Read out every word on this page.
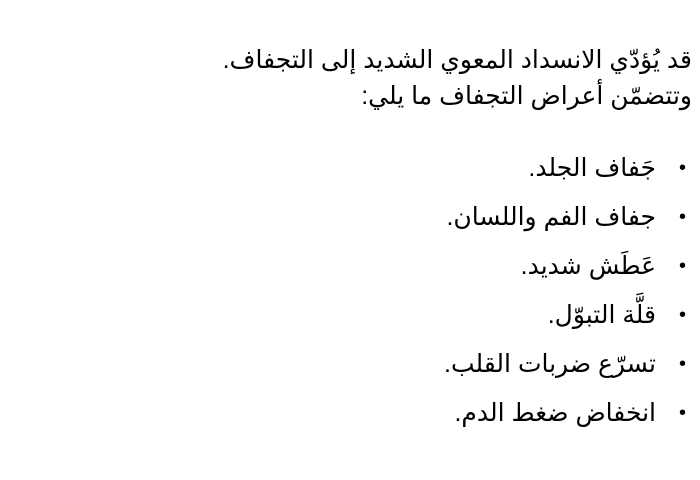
قد يُؤدّي الانسداد المعوي الشديد إلى التجفاف.
وتتضمّن أعراض التجفاف ما يلي:

•
جَفاف الجلد.
•
جفاف الفم واللسان.
•
عَطَش شديد.
•
قلَّة التبوّل.
•
تسرّع ضربات القلب.
•
انخفاض ضغط الدم.
